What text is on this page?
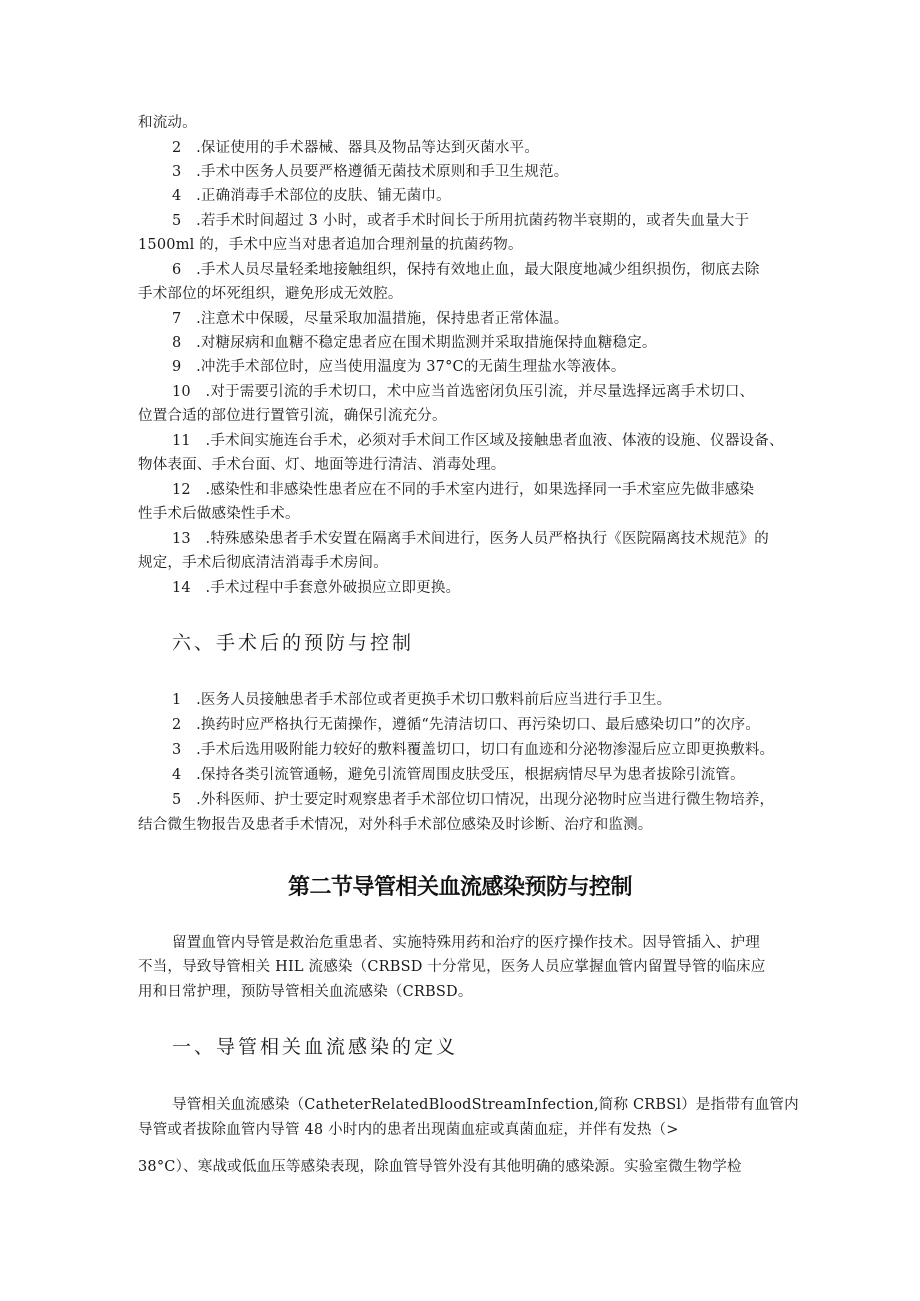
和流动。
2　.保证使用的手术器械、器具及物品等达到灭菌水平。
3　.手术中医务人员要严格遵循无菌技术原则和手卫生规范。
4　.正确消毒手术部位的皮肤、铺无菌巾。
5　.若手术时间超过 3 小时，或者手术时间长于所用抗菌药物半衰期的，或者失血量大于
1500ml 的，手术中应当对患者追加合理剂量的抗菌药物。
6　.手术人员尽量轻柔地接触组织，保持有效地止血，最大限度地减少组织损伤，彻底去除
手术部位的坏死组织，避免形成无效腔。
7　.注意术中保暖，尽量采取加温措施，保持患者正常体温。
8　.对糖尿病和血糖不稳定患者应在围术期监测并采取措施保持血糖稳定。
9　.冲洗手术部位时，应当使用温度为 37°C的无菌生理盐水等液体。
10　.对于需要引流的手术切口，术中应当首选密闭负压引流，并尽量选择远离手术切口、
位置合适的部位进行置管引流，确保引流充分。
11　.手术间实施连台手术，必须对手术间工作区域及接触患者血液、体液的设施、仪器设备、
物体表面、手术台面、灯、地面等进行清洁、消毒处理。
12　.感染性和非感染性患者应在不同的手术室内进行，如果选择同一手术室应先做非感染
性手术后做感染性手术。
13　.特殊感染患者手术安置在隔离手术间进行，医务人员严格执行《医院隔离技术规范》的
规定，手术后彻底清洁消毒手术房间。
14　.手术过程中手套意外破损应立即更换。
六、手术后的预防与控制
1　.医务人员接触患者手术部位或者更换手术切口敷料前后应当进行手卫生。
2　.换药时应严格执行无菌操作，遵循“先清洁切口、再污染切口、最后感染切口”的次序。
3　.手术后选用吸附能力较好的敷料覆盖切口，切口有血迹和分泌物渗湿后应立即更换敷料。
4　.保持各类引流管通畅，避免引流管周围皮肤受压，根据病情尽早为患者拔除引流管。
5　.外科医师、护士要定时观察患者手术部位切口情况，出现分泌物时应当进行微生物培养，
结合微生物报告及患者手术情况，对外科手术部位感染及时诊断、治疗和监测。
第二节导管相关血流感染预防与控制
留置血管内导管是救治危重患者、实施特殊用药和治疗的医疗操作技术。因导管插入、护理
不当，导致导管相关 HIL 流感染（CRBSD 十分常见，医务人员应掌握血管内留置导管的临床应
用和日常护理，预防导管相关血流感染（CRBSD。
一、导管相关血流感染的定义
导管相关血流感染（CatheterRelatedBloodStreamInfection,简称 CRBSl）是指带有血管内
导管或者拔除血管内导管 48 小时内的患者出现菌血症或真菌血症，并伴有发热（>
38°C）、寒战或低血压等感染表现，除血管导管外没有其他明确的感染源。实验室微生物学检
